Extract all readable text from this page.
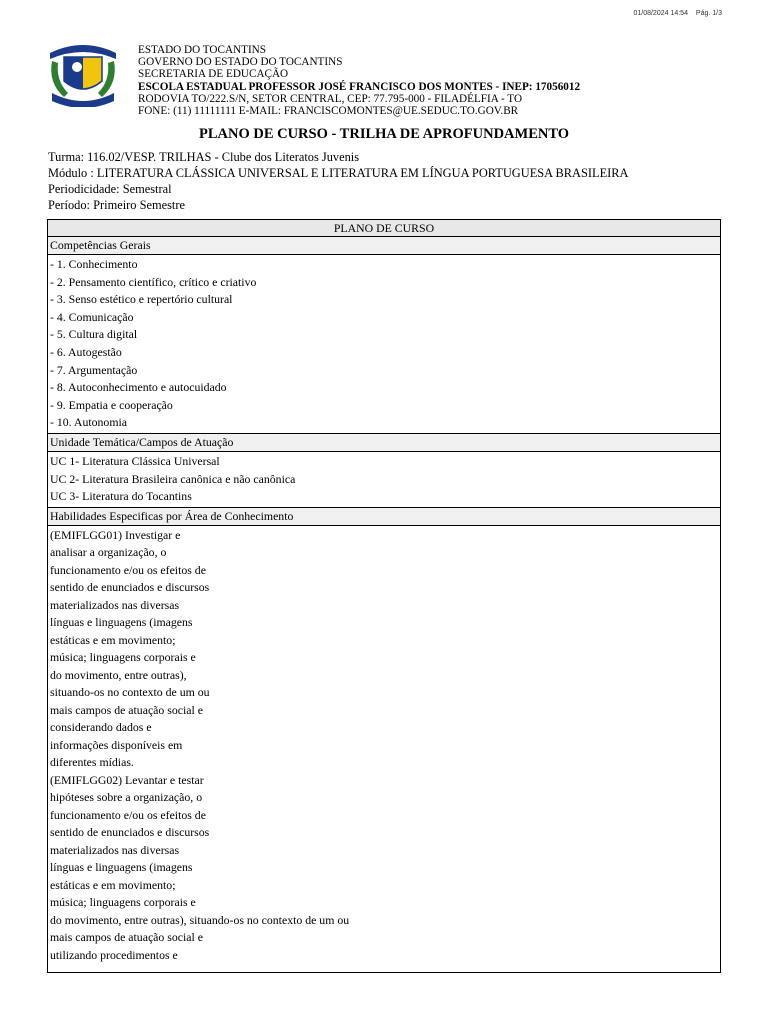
01/08/2024 14:54 Pág. 1/3
ESTADO DO TOCANTINS
GOVERNO DO ESTADO DO TOCANTINS
SECRETARIA DE EDUCAÇÃO
ESCOLA ESTADUAL PROFESSOR JOSÉ FRANCISCO DOS MONTES - INEP: 17056012
RODOVIA TO/222.S/N, SETOR CENTRAL, CEP: 77.795-000 - FILADÉLFIA - TO
FONE: (11) 11111111 E-MAIL: FRANCISCOMONTES@UE.SEDUC.TO.GOV.BR
PLANO DE CURSO - TRILHA DE APROFUNDAMENTO
Turma: 116.02/VESP. TRILHAS - Clube dos Literatos Juvenis
Módulo : LITERATURA CLÁSSICA UNIVERSAL E LITERATURA EM LÍNGUA PORTUGUESA BRASILEIRA
Periodicidade: Semestral
Período: Primeiro Semestre
PLANO DE CURSO
Competências Gerais
- 1. Conhecimento
- 2. Pensamento científico, crítico e criativo
- 3. Senso estético e repertório cultural
- 4. Comunicação
- 5. Cultura digital
- 6. Autogestão
- 7. Argumentação
- 8. Autoconhecimento e autocuidado
- 9. Empatia e cooperação
- 10. Autonomia
Unidade Temática/Campos de Atuação
UC 1- Literatura Clássica Universal
UC 2- Literatura Brasileira canônica e não canônica
UC 3- Literatura do Tocantins
Habilidades Especificas por Área de Conhecimento
(EMIFLGG01) Investigar e
analisar a organização, o
funcionamento e/ou os efeitos de
sentido de enunciados e discursos
materializados nas diversas
línguas e linguagens (imagens
estáticas e em movimento;
música; linguagens corporais e
do movimento, entre outras),
situando-os no contexto de um ou
mais campos de atuação social e
considerando dados e
informações disponíveis em
diferentes mídias.
(EMIFLGG02) Levantar e testar
hipóteses sobre a organização, o
funcionamento e/ou os efeitos de
sentido de enunciados e discursos
materializados nas diversas
línguas e linguagens (imagens
estáticas e em movimento;
música; linguagens corporais e
do movimento, entre outras), situando-os no contexto de um ou
mais campos de atuação social e
utilizando procedimentos e
